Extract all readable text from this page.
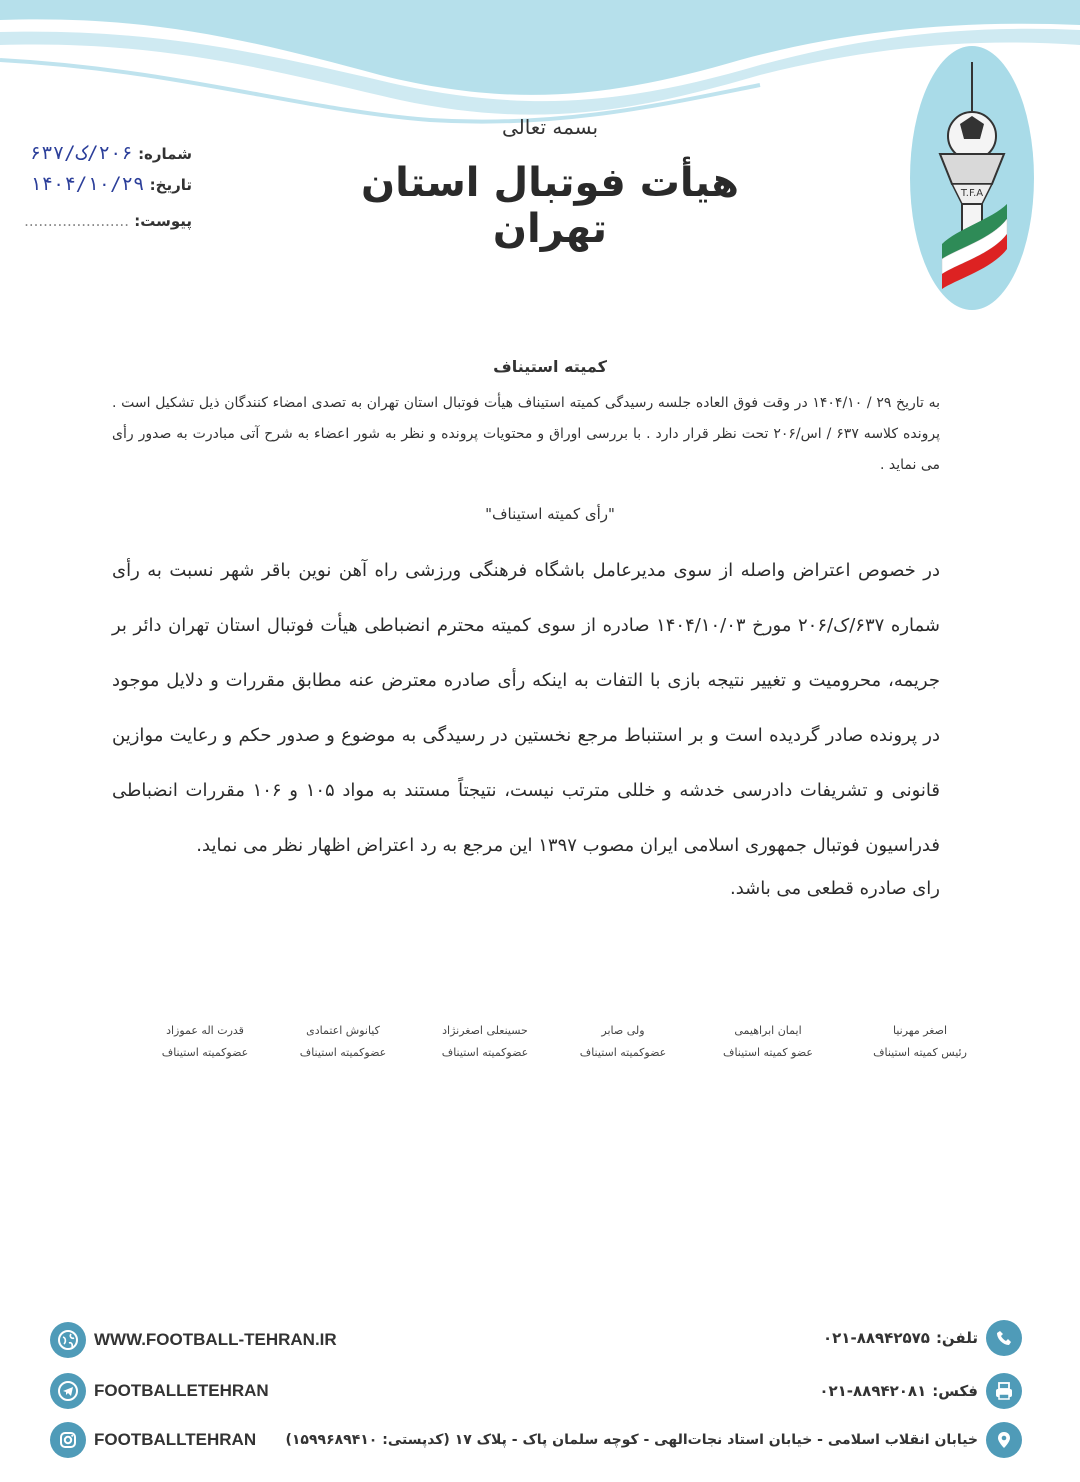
T.F.A
بسمه تعالی
هیأت فوتبال استان تهران
شماره: ۲۰۶/ک/۶۳۷
تاریخ: ۱۴۰۴/۱۰/۲۹
پیوست: ......................
کمیته استیناف
به تاریخ ۲۹ / ۱۴۰۴/۱۰ در وقت فوق العاده جلسه رسیدگی کمیته استیناف هیأت فوتبال استان تهران به تصدی امضاء کنندگان ذیل تشکیل است . پرونده کلاسه ۶۳۷ / اس/۲۰۶ تحت نظر قرار دارد . با بررسی اوراق و محتویات پرونده و نظر به شور اعضاء به شرح آتی مبادرت به صدور رأی می نماید .
"رأی کمیته استیناف"
در خصوص اعتراض واصله از سوی مدیرعامل باشگاه فرهنگی ورزشی راه آهن نوین باقر شهر نسبت به رأی شماره ۶۳۷/ک/۲۰۶ مورخ ۱۴۰۴/۱۰/۰۳ صادره از سوی کمیته محترم انضباطی هیأت فوتبال استان تهران دائر بر جریمه، محرومیت و تغییر نتیجه بازی با التفات به اینکه رأی صادره معترض عنه مطابق مقررات و دلایل موجود در پرونده صادر گردیده است و بر استنباط مرجع نخستین در رسیدگی به موضوع و صدور حکم و رعایت موازین قانونی و تشریفات دادرسی خدشه و خللی مترتب نیست، نتیجتاً مستند به مواد ۱۰۵ و ۱۰۶ مقررات انضباطی فدراسیون فوتبال جمهوری اسلامی ایران مصوب ۱۳۹۷ این مرجع به رد اعتراض اظهار نظر می نماید.
رای صادره قطعی می باشد.
اصغر مهرنیا
رئیس کمیته استیناف
ایمان ابراهیمی
عضو کمیته استیناف
ولی صابر
عضوکمیته استیناف
حسینعلی اصغرنژاد
عضوکمیته استیناف
کیانوش اعتمادی
عضوکمیته استیناف
قدرت اله عموزاد
عضوکمیته استیناف
WWW.FOOTBALL-TEHRAN.IR
FOOTBALLETEHRAN
FOOTBALLTEHRAN
تلفن:
۰۲۱-۸۸۹۴۲۵۷۵
فکس:
۰۲۱-۸۸۹۴۲۰۸۱
خیابان انقلاب اسلامی - خیابان استاد نجات‌الهی - کوچه سلمان پاک - پلاک ۱۷ (کدپستی: ۱۵۹۹۶۸۹۴۱۰)
